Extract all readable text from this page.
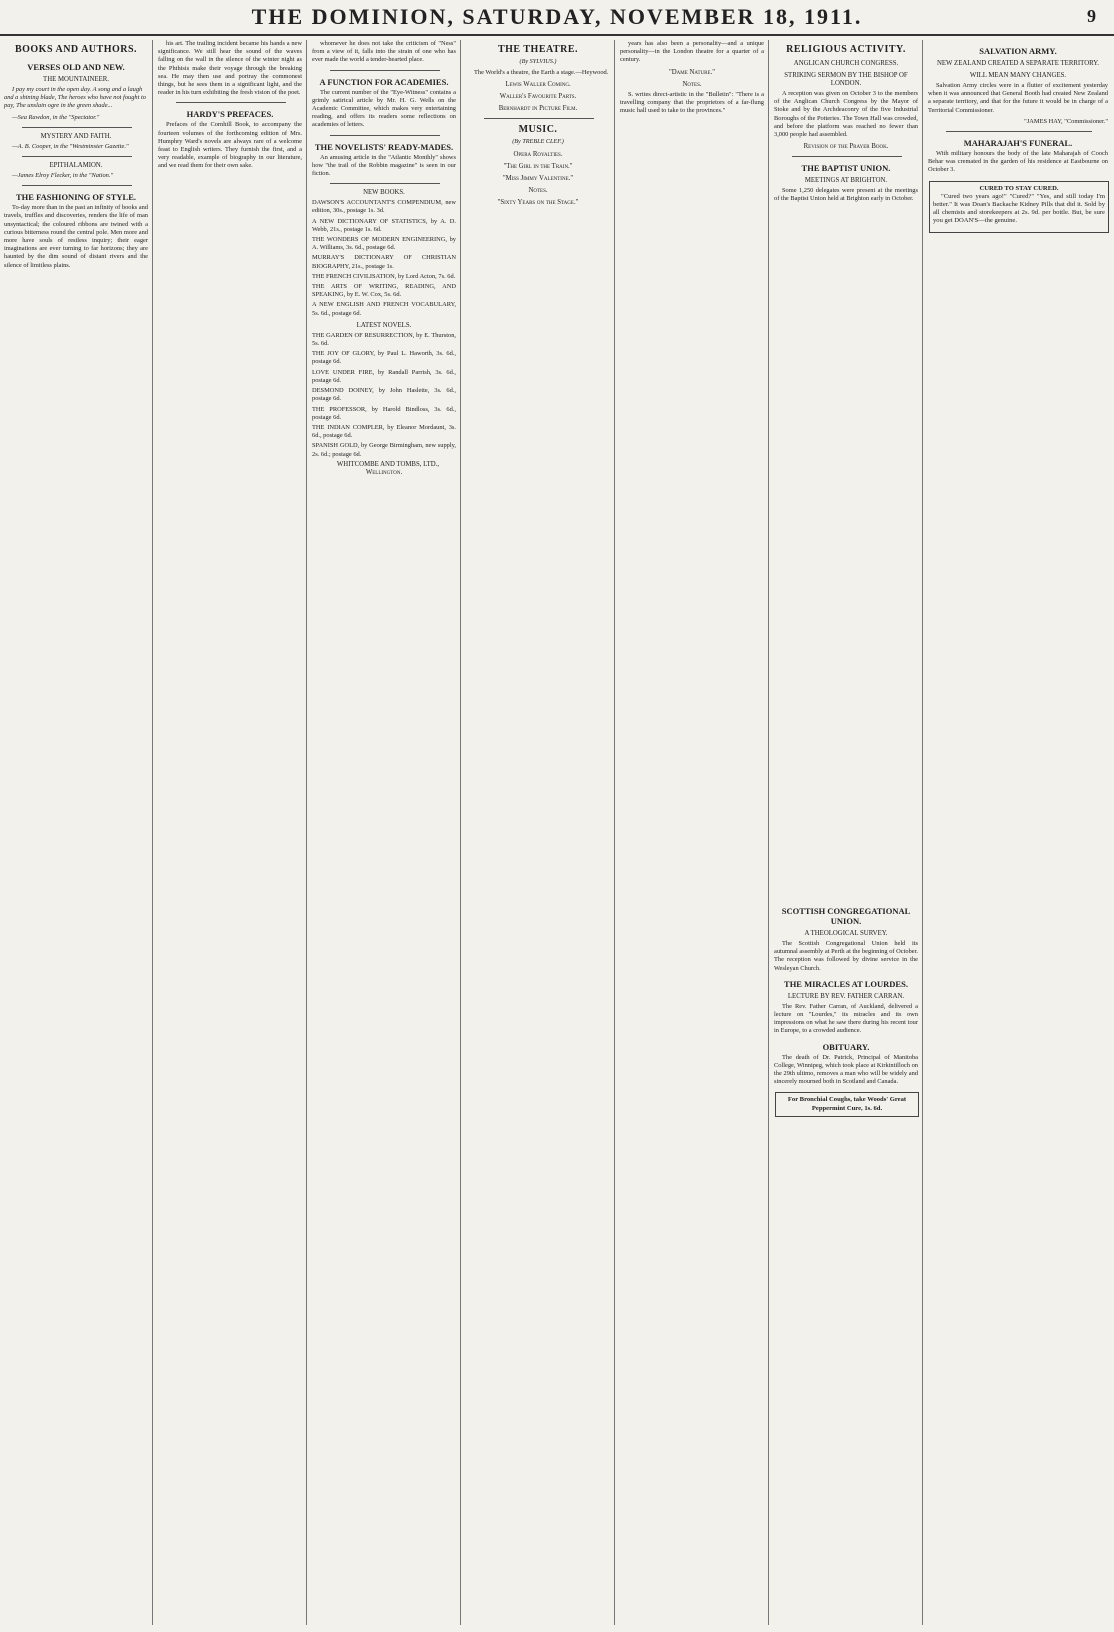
THE DOMINION, SATURDAY, NOVEMBER 18, 1911.	9
BOOKS AND AUTHORS.
VERSES OLD AND NEW.
THE MOUNTAINEER.

I pay my court in the open day. A song and a laugh and a shining blade, The heroes who have not fought to pay, The unslain ogre in the green shade...

—Sea Rawdon, in the "Spectator."

MYSTERY AND FAITH.

—A. B. Cooper, in the "Westminster Gazette."

EPITHALAMION.

—James Elroy Flecker, in the "Nation."

THE FASHIONING OF STYLE.

To-day more than in the past an infinity of books and travels, truffles and discoveries, renders the life of man unsyntactical; the coloured ribbons are twined with a curious bitterness round the central pole. Men more and more have souls of restless inquiry; their eager imaginations are ever turning to far horizons; they are haunted by the dim sound of distant rivers and the silence of limitless plains.

his art. The trailing incident became his hands a new significance. We still hear the sound of the waves falling on the wall in the silence of the winter night as the Phthisis make their voyage through the breaking sea. He may then use and portray the commonest things, but he sees them in a significant light, and the reader in his turn exhibiting the fresh vision of the poet.

HARDY'S PREFACES.

Prefaces of the Cornhill Book, to accompany the fourteen volumes of the forthcoming edition of Mrs. Humphry Ward's novels are always rare of a welcome feast to English writers. They furnish the first, and a very readable, example of biography in our literature, and we read them for their own sake.

whomever he does not take the criticism of "Ness" from a view of it, falls into the strain of one who has ever made the world a tender-hearted place.

A FUNCTION FOR ACADEMIES.

The current number of the "Eye-Witness" contains a grimly satirical article by Mr. H. G. Wells on the Academic Committee, which makes very entertaining reading, and offers its readers some reflections on academies of letters.

THE NOVELISTS' READY-MADES.

An amusing article in the "Atlantic Monthly" shows how "the trail of the Robbin magazine" is seen in our fiction.

NEW BOOKS.

DAWSON'S ACCOUNTANT'S COMPENDIUM, new edition, 30s., postage 1s. 3d.

A NEW DICTIONARY OF STATISTICS, by A. D. Webb, 21s., postage 1s. 6d.

THE WONDERS OF MODERN ENGINEERING, by A. Williams, 3s. 6d., postage 6d.

MURRAY'S DICTIONARY OF CHRISTIAN BIOGRAPHY, 21s., postage 1s.

THE FRENCH CIVILISATION, by Lord Acton, 7s. 6d.

THE ARTS OF WRITING, READING, AND SPEAKING, by E. W. Cox, 5s. 6d.

A NEW ENGLISH AND FRENCH VOCABULARY, 5s. 6d., postage 6d.

LATEST NOVELS.

THE GARDEN OF RESURRECTION, by E. Thurston, 5s. 6d.

THE JOY OF GLORY, by Paul L. Haworth, 3s. 6d., postage 6d.

LOVE UNDER FIRE, by Randall Parrish, 3s. 6d., postage 6d.

DESMOND DOINEY, by John Haslette, 3s. 6d., postage 6d.

THE PROFESSOR, by Harold Bindloss, 3s. 6d., postage 6d.

THE INDIAN COMPLER, by Eleanor Mordaunt, 3s. 6d., postage 6d.

SPANISH GOLD, by George Birmingham, new supply, 2s. 6d.; postage 6d.

WHITCOMBE AND TOMBS, LTD., Wellington.

THE THEATRE.
(By SYLVIUS.)

The World's a theatre, the Earth a stage.—Heywood.

Lewis Waller Coming.
Waller's Favourite Parts.
Bernhardt in Picture Film.
MUSIC.
(By TREBLE CLEF.)
Opera Royalties.
"The Girl in the Train."
"Miss Jimmy Valentine."
Notes.
"Sixty Years on the Stage."

years has also been a personality—and a unique personality—in the London theatre for a quarter of a century.

"Dame Nature."
Notes.

S. writes direct-artistic in the "Bulletin": "There is a travelling company that the proprietors of a far-flung music hall used to take to the provinces."

RELIGIOUS ACTIVITY.
ANGLICAN CHURCH CONGRESS.
STRIKING SERMON BY THE BISHOP OF LONDON.

A reception was given on October 3 to the members of the Anglican Church Congress by the Mayor of Stoke and by the Archdeaconry of the five Industrial Boroughs of the Potteries. The Town Hall was crowded, and before the platform was reached no fewer than 3,000 people had assembled.

Revision of the Prayer Book.
THE BAPTIST UNION.
MEETINGS AT BRIGHTON.

Some 1,250 delegates were present at the meetings of the Baptist Union held at Brighton early in October.

SALVATION ARMY.
NEW ZEALAND CREATED A SEPARATE TERRITORY.
WILL MEAN MANY CHANGES.

Salvation Army circles were in a flutter of excitement yesterday when it was announced that General Booth had created New Zealand a separate territory, and that for the future it would be in charge of a Territorial Commissioner.

"JAMES HAY, "Commissioner."

MAHARAJAH'S FUNERAL.

With military honours the body of the late Maharajah of Cooch Behar was cremated in the garden of his residence at Eastbourne on October 3.

CURED TO STAY CURED.

"Cured two years ago!" "Cured?" "Yes, and still today I'm better." It was Doan's Backache Kidney Pills that did it. Sold by all chemists and storekeepers at 2s. 9d. per bottle. But, be sure you get DOAN'S—the genuine.

SCOTTISH CONGREGATIONAL UNION.
A THEOLOGICAL SURVEY.

The Scottish Congregational Union held its autumnal assembly at Perth at the beginning of October. The reception was followed by divine service in the Wesleyan Church.

THE MIRACLES AT LOURDES.
LECTURE BY REV. FATHER CARRAN.

The Rev. Father Carran, of Auckland, delivered a lecture on "Lourdes," its miracles and its own impressions on what he saw there during his recent tour in Europe, to a crowded audience.

OBITUARY.

The death of Dr. Patrick, Principal of Manitoba College, Winnipeg, which took place at Kirkintilloch on the 29th ultimo, removes a man who will be widely and sincerely mourned both in Scotland and Canada.

For Bronchial Coughs, take Woods' Great Peppermint Cure, 1s. 6d.
